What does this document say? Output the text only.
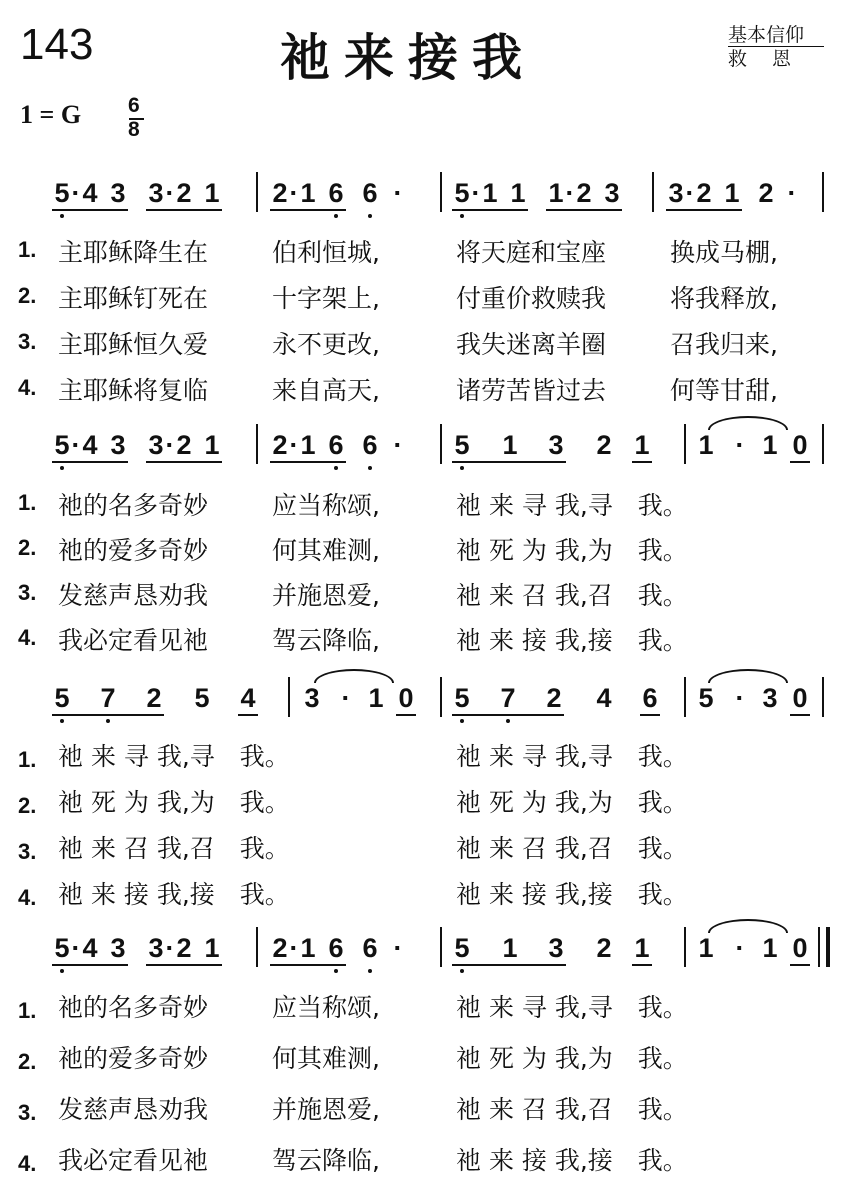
143	祂来接我	基本信仰
救　 恩
1 = G 6
8
5 · 4 3 3 · 2 1 2 · 1 6 6 · 5 · 1 1 1 · 2 3 3 · 2 1 2 ·
5 · 4 3 3 · 2 1 2 · 1 6 6 · 5 1 3 2 1 1 · 1 0
5 7 2 5 4 3 · 1 0 5 7 2 4 6 5 · 3 0
5 · 4 3 3 · 2 1 2 · 1 6 6 · 5 1 3 2 1 1 · 1 0
1. 主耶稣降生在	伯利恒城,	将天庭和宝座	换成马棚,
2. 主耶稣钉死在	十字架上,	付重价救赎我	将我释放,
3. 主耶稣恒久爱	永不更改,	我失迷离羊圈	召我归来,
4. 主耶稣将复临	来自高天,	诸劳苦皆过去	何等甘甜,
1. 祂的名多奇妙	应当称颂,	祂 来 寻 我,寻　我。
2. 祂的爱多奇妙	何其难测,	祂 死 为 我,为　我。
3. 发慈声恳劝我	并施恩爱,	祂 来 召 我,召　我。
4. 我必定看见祂	驾云降临,	祂 来 接 我,接　我。
1. 祂 来 寻 我,寻　我。	祂 来 寻 我,寻　我。
2. 祂 死 为 我,为　我。	祂 死 为 我,为　我。
3. 祂 来 召 我,召　我。	祂 来 召 我,召　我。
4. 祂 来 接 我,接　我。	祂 来 接 我,接　我。
1. 祂的名多奇妙	应当称颂,	祂 来 寻 我,寻　我。
2. 祂的爱多奇妙	何其难测,	祂 死 为 我,为　我。
3. 发慈声恳劝我	并施恩爱,	祂 来 召 我,召　我。
4. 我必定看见祂	驾云降临,	祂 来 接 我,接　我。
